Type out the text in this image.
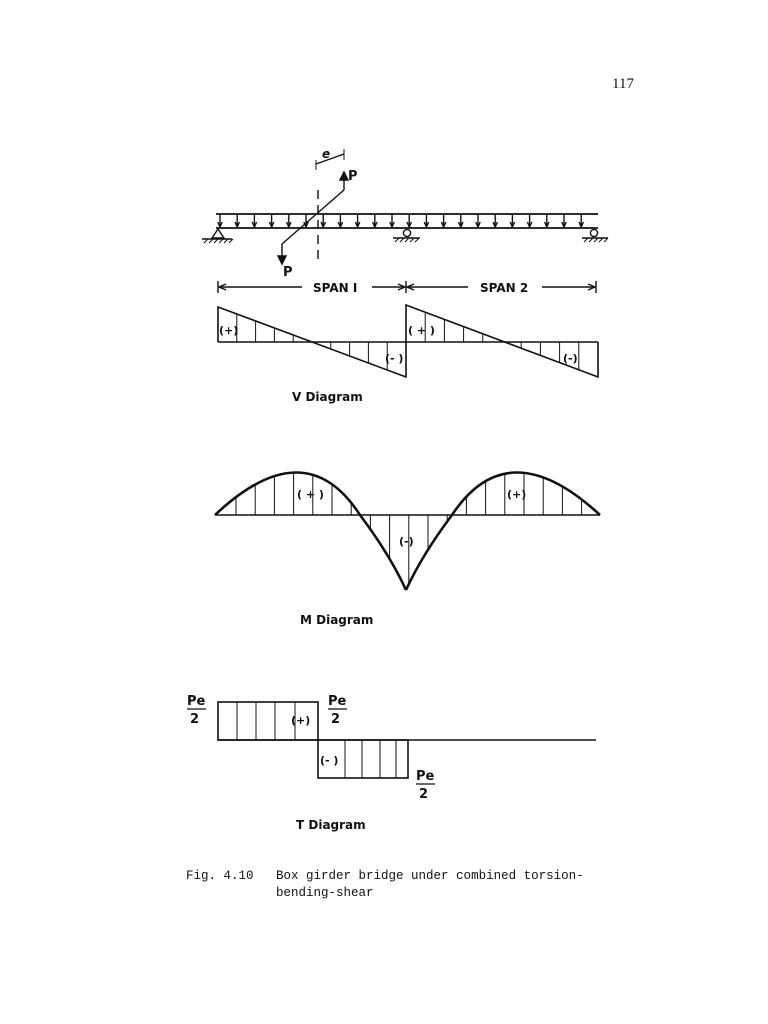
117
P
P
e
SPAN I	SPAN 2
(+)
(- )
( + )
(-)
V Diagram
( + )	(+)
(-)
M Diagram
(+)
(- )
Pe
2
Pe
2
Pe
2
T Diagram
Fig. 4.10 Box girder bridge under combined torsion-
bending-shear
